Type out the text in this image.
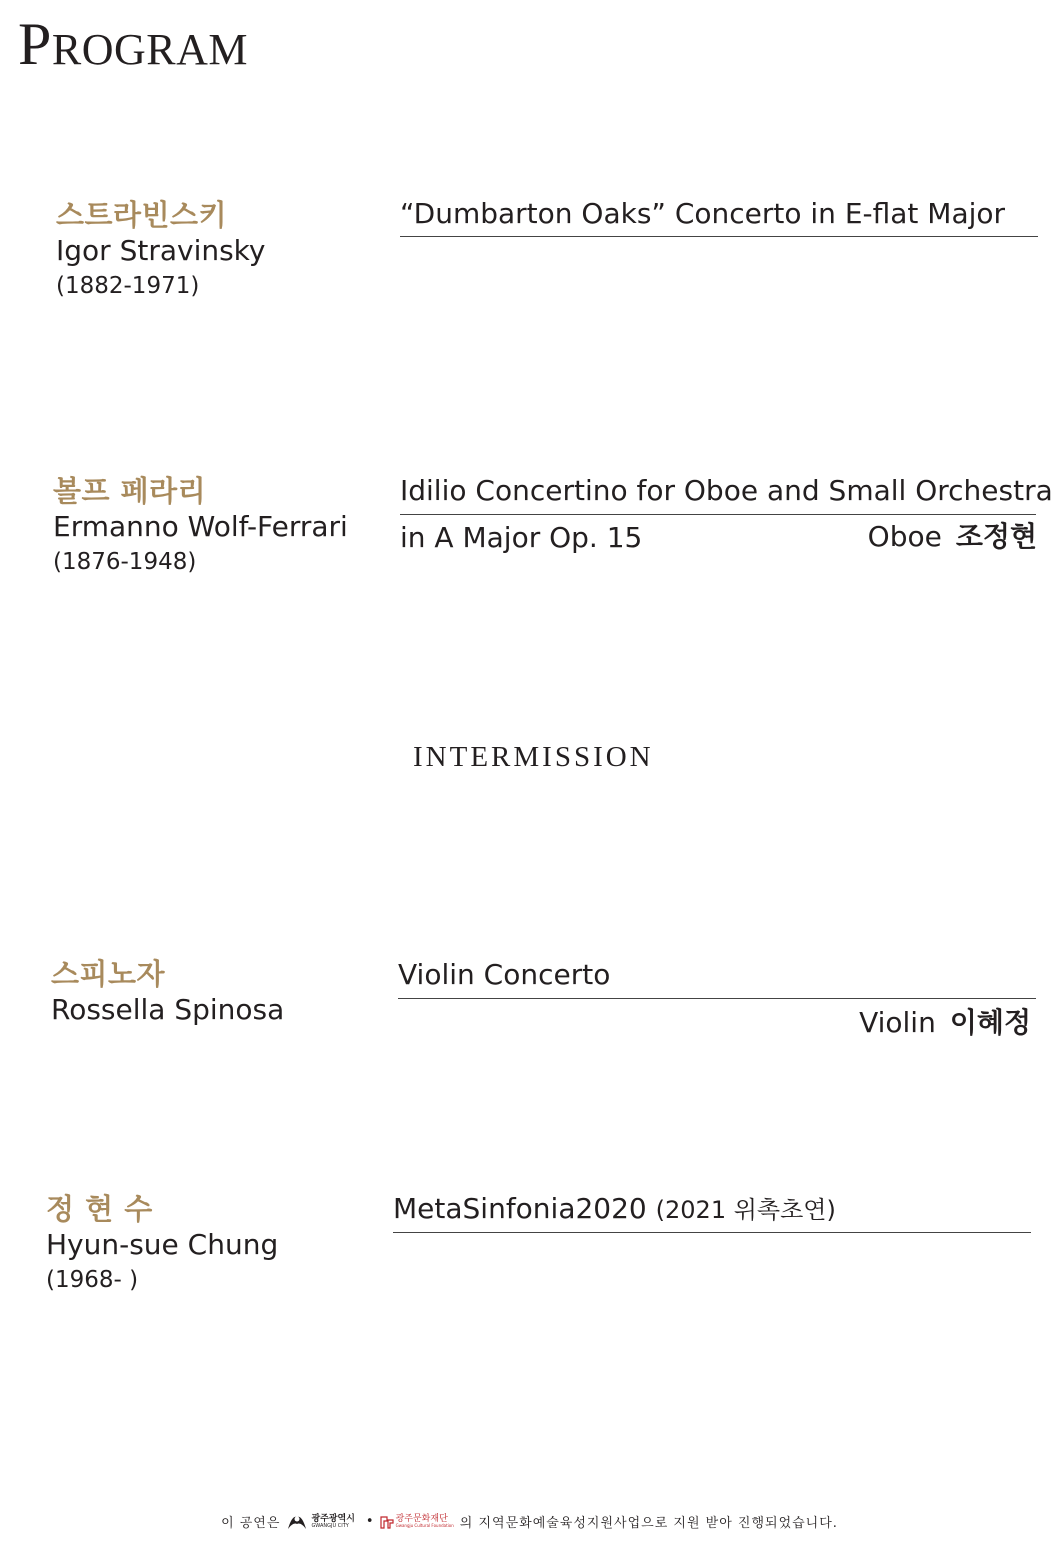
PROGRAM
스트라빈스키
Igor Stravinsky
(1882-1971)
“Dumbarton Oaks” Concerto in E-flat Major
볼프 페라리
Ermanno Wolf-Ferrari
(1876-1948)
Idilio Concertino for Oboe and Small Orchestra
in A Major Op. 15	Oboe 조정현
INTERMISSION
스피노자
Rossella Spinosa
Violin Concerto
Violin 이혜정
정 현 수
Hyun-sue Chung
(1968- )
MetaSinfonia2020 (2021 위촉초연)
이 공연은	광주광역시
GWANGJU CITY	• 광주문화재단
Gwangju Cultural Foundation 의 지역문화예술육성지원사업으로 지원 받아 진행되었습니다.
